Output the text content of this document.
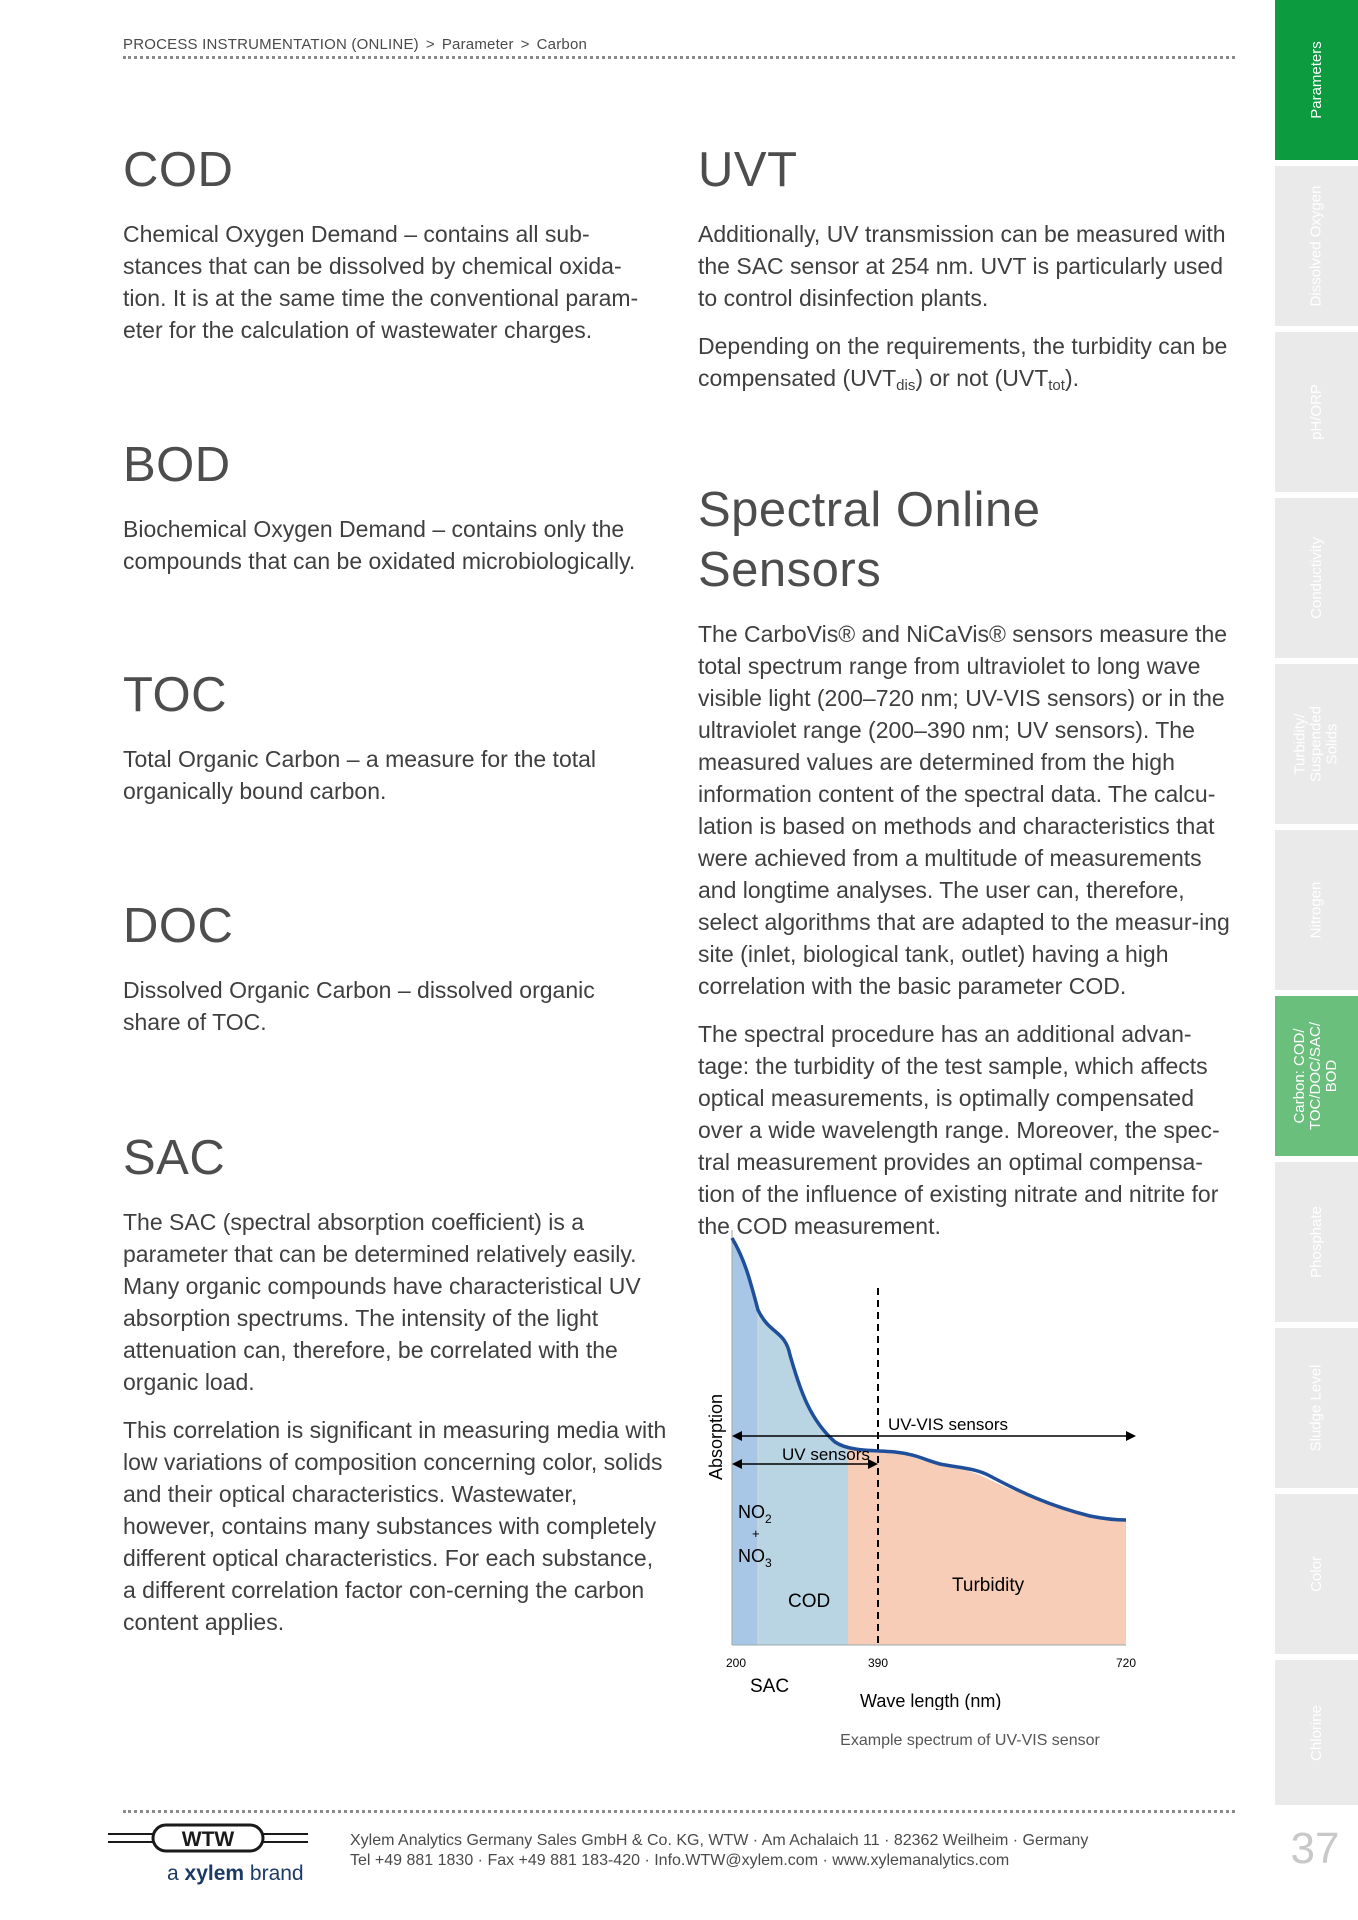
PROCESS INSTRUMENTATION (ONLINE) > Parameter > Carbon
COD

Chemical Oxygen Demand – contains all sub-stances that can be dissolved by chemical oxida-tion. It is at the same time the conventional param-eter for the calculation of wastewater charges.

BOD

Biochemical Oxygen Demand – contains only the compounds that can be oxidated microbiologically.

TOC

Total Organic Carbon – a measure for the total organically bound carbon.

DOC

Dissolved Organic Carbon – dissolved organic share of TOC.

SAC

The SAC (spectral absorption coefficient) is a parameter that can be determined relatively easily. Many organic compounds have characteristical UV absorption spectrums. The intensity of the light attenuation can, therefore, be correlated with the organic load.

This correlation is significant in measuring media with low variations of composition concerning color, solids and their optical characteristics. Wastewater, however, contains many substances with completely different optical characteristics. For each substance, a different correlation factor con-cerning the carbon content applies.

UVT

Additionally, UV transmission can be measured with the SAC sensor at 254 nm. UVT is particularly used to control disinfection plants.

Depending on the requirements, the turbidity can be compensated $(UVT_{dis})$ or not $(UVT_{tot})$.

Spectral Online Sensors

The CarboVis® and NiCaVis® sensors measure the total spectrum range from ultraviolet to long wave visible light (200–720 nm; UV-VIS sensors) or in the ultraviolet range (200–390 nm; UV sensors). The measured values are determined from the high information content of the spectral data. The calcu-lation is based on methods and characteristics that were achieved from a multitude of measurements and longtime analyses. The user can, therefore, select algorithms that are adapted to the measur-ing site (inlet, biological tank, outlet) having a high correlation with the basic parameter COD.

The spectral procedure has an additional advan-tage: the turbidity of the test sample, which affects optical measurements, is optimally compensated over a wide wavelength range. Moreover, the spec-tral measurement provides an optimal compensa-tion of the influence of existing nitrate and nitrite for the COD measurement.

UV-VIS sensors
UV sensors
Absorption
$NO_2$
+
$NO_3$
COD
Turbidity
200	390	720
SAC
Wave length (nm)
Example spectrum of UV-VIS sensor
Parameters
Dissolved Oxygen
pH/ORP
Conductivity
Turbidity/ Suspended Solids
Nitrogen
Carbon: COD/ TOC/DOC/SAC/ BOD
Phosphate
Sludge Level
Color
Chlorine
WTW
a xylem brand
Xylem Analytics Germany Sales GmbH & Co. KG, WTW · Am Achalaich 11 · 82362 Weilheim · Germany
Tel +49 881 1830 · Fax +49 881 183-420 · Info.WTW@xylem.com · www.xylemanalytics.com	37
